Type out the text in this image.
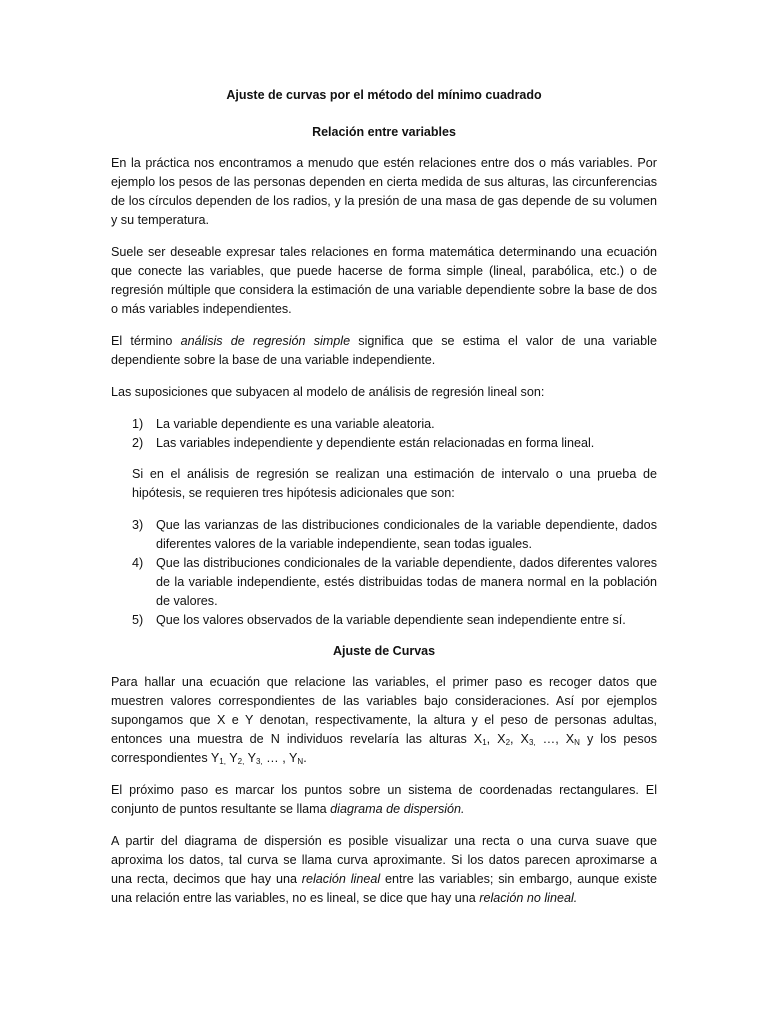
Ajuste de curvas por el método del mínimo cuadrado
Relación entre variables

En la práctica nos encontramos a menudo que estén relaciones entre dos o más variables. Por ejemplo los pesos de las personas dependen en cierta medida de sus alturas, las circunferencias de los círculos dependen de los radios, y la presión de una masa de gas depende de su volumen y su temperatura.

Suele ser deseable expresar tales relaciones en forma matemática determinando una ecuación que conecte las variables, que puede hacerse de forma simple (lineal, parabólica, etc.) o de regresión múltiple que considera la estimación de una variable dependiente sobre la base de dos o más variables independientes.

El término análisis de regresión simple significa que se estima el valor de una variable dependiente sobre la base de una variable independiente.

Las suposiciones que subyacen al modelo de análisis de regresión lineal son:

1) La variable dependiente es una variable aleatoria.
2) Las variables independiente y dependiente están relacionadas en forma lineal.

Si en el análisis de regresión se realizan una estimación de intervalo o una prueba de hipótesis, se requieren tres hipótesis adicionales que son:

3) Que las varianzas de las distribuciones condicionales de la variable dependiente, dados diferentes valores de la variable independiente, sean todas iguales.
4) Que las distribuciones condicionales de la variable dependiente, dados diferentes valores de la variable independiente, estés distribuidas todas de manera normal en la población de valores.
5) Que los valores observados de la variable dependiente sean independiente entre sí.
Ajuste de Curvas

Para hallar una ecuación que relacione las variables, el primer paso es recoger datos que muestren valores correspondientes de las variables bajo consideraciones. Así por ejemplos supongamos que X e Y denotan, respectivamente, la altura y el peso de personas adultas, entonces una muestra de N individuos revelaría las alturas $X_1$, $X_2$, $X_{3,}$ …, $X_N$ y los pesos correspondientes $Y_{1,}$ $Y_{2,}$ $Y_{3,}$ … , $Y_N$.

El próximo paso es marcar los puntos sobre un sistema de coordenadas rectangulares. El conjunto de puntos resultante se llama diagrama de dispersión.

A partir del diagrama de dispersión es posible visualizar una recta o una curva suave que aproxima los datos, tal curva se llama curva aproximante. Si los datos parecen aproximarse a una recta, decimos que hay una relación lineal entre las variables; sin embargo, aunque existe una relación entre las variables, no es lineal, se dice que hay una relación no lineal.
